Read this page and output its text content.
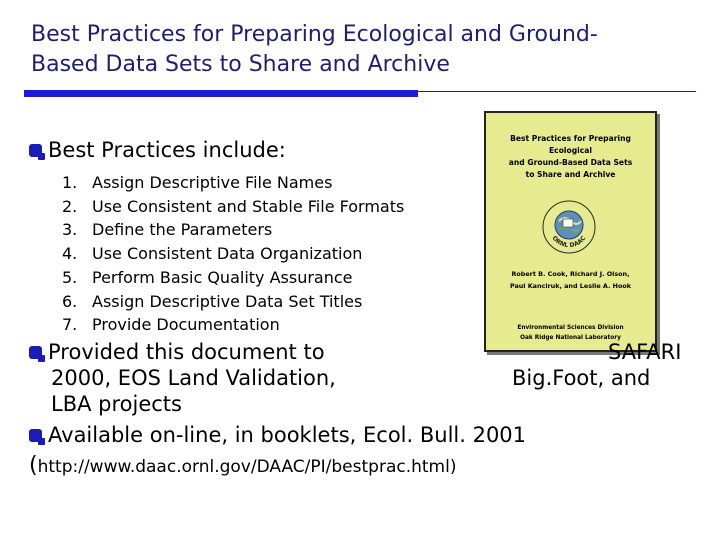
Best Practices for Preparing Ecological and Ground-
Based Data Sets to Share and Archive
Best Practices include:
1. Assign Descriptive File Names
2. Use Consistent and Stable File Formats
3. Define the Parameters
4. Use Consistent Data Organization
5. Perform Basic Quality Assurance
6. Assign Descriptive Data Set Titles
7. Provide Documentation
Best Practices for Preparing Ecological
and Ground-Based Data Sets
to Share and Archive
ORNL DAAC
Robert B. Cook, Richard J. Olson,
Paul Kanciruk, and Leslie A. Hook
Environmental Sciences Division
Oak Ridge National Laboratory
Provided this document to	SAFARI
2000, EOS Land Validation,	Big.Foot, and
LBA projects
Available on-line, in booklets, Ecol. Bull. 2001
(http://www.daac.ornl.gov/DAAC/PI/bestprac.html)
